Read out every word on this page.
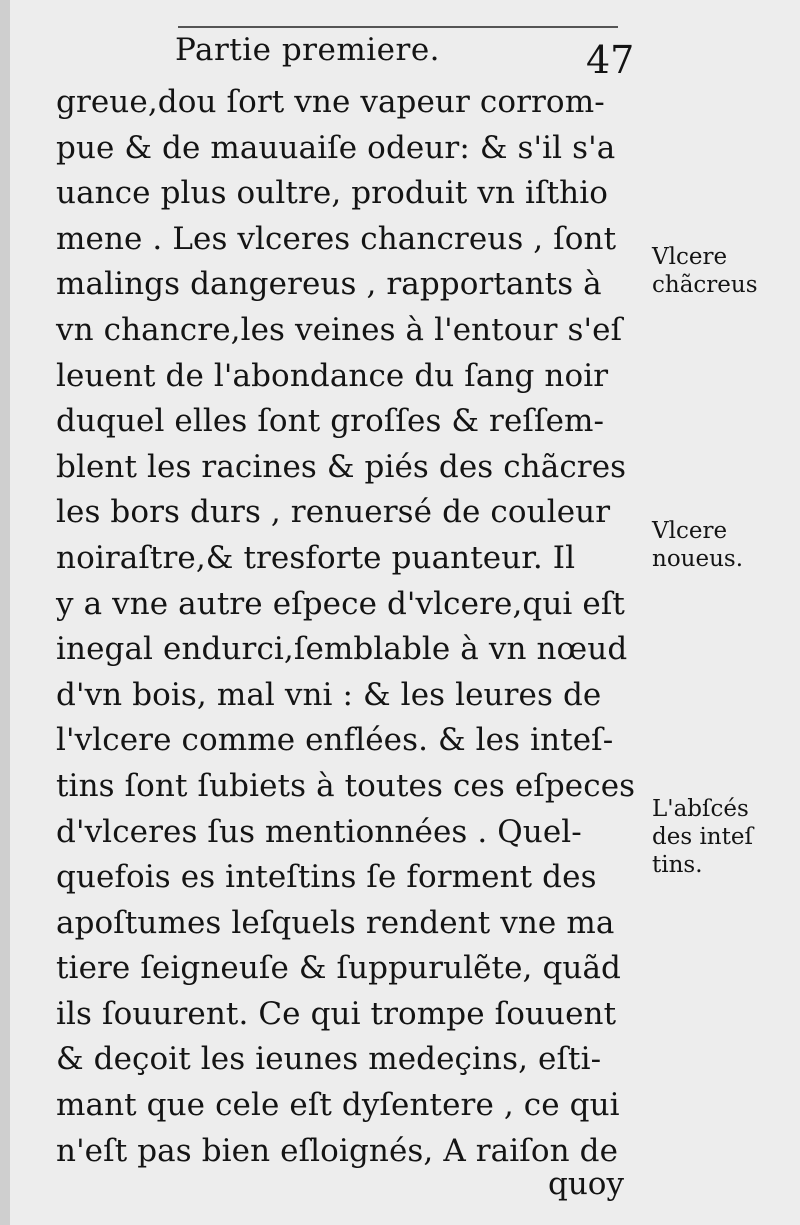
Partie premiere.	47
greue,dou ſort vne vapeur corrom-
pue & de mauuaiſe odeur: & s'il s'a
uance plus oultre, produit vn iſthio
mene . Les vlceres chancreus , ſont
malings dangereus , rapportants à
vn chancre,les veines à l'entour s'eſ
leuent de l'abondance du ſang noir
duquel elles ſont groſſes & reſſem-
blent les racines & piés des chãcres
les bors durs , renuersé de couleur
noiraſtre,& tresforte puanteur. Il
y a vne autre eſpece d'vlcere,qui eſt
inegal endurci,ſemblable à vn nœud
d'vn bois, mal vni : & les leures de
l'vlcere comme enflées. & les inteſ-
tins ſont ſubiets à toutes ces eſpeces
d'vlceres ſus mentionnées . Quel-
quefois es inteſtins ſe forment des
apoſtumes leſquels rendent vne ma
tiere ſeigneuſe & ſuppurulẽte, quãd
ils ſouurent. Ce qui trompe ſouuent
& deçoit les ieunes medeçins, eſti-
mant que cele eſt dyſentere , ce qui
n'eſt pas bien eſloignés, A raiſon de
quoy
Vlcere
chãcreus
Vlcere
noueus.
L'abſcés
des inteſ
tins.
